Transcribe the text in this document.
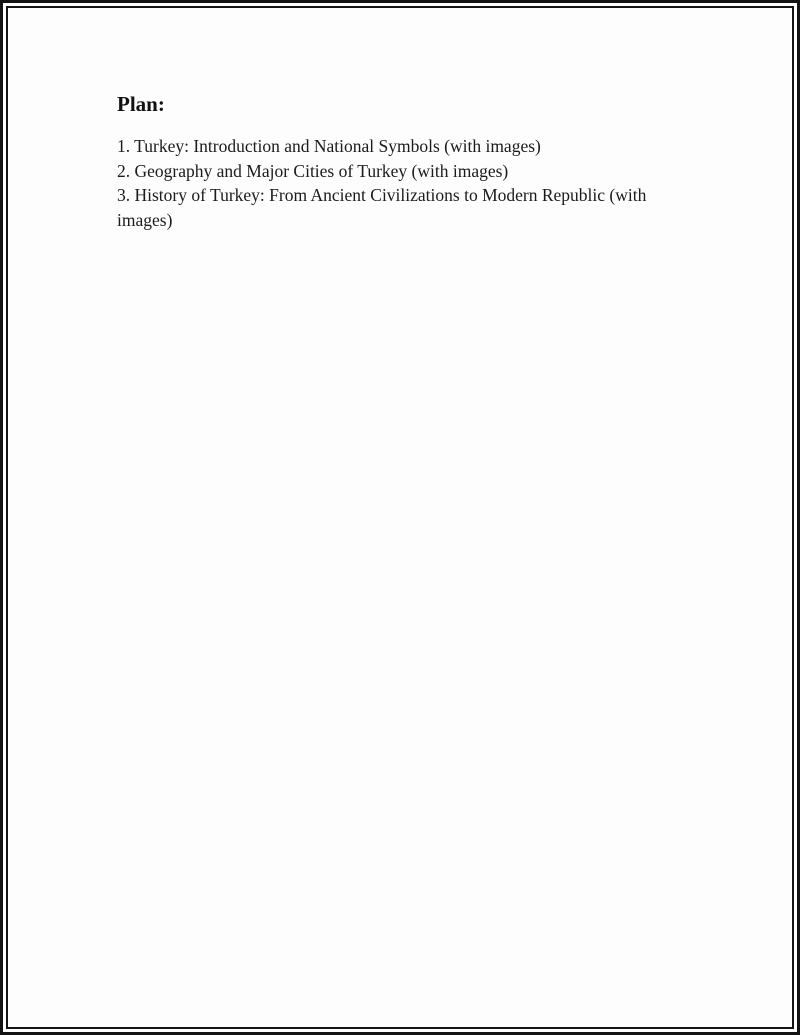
Plan:
1. Turkey: Introduction and National Symbols (with images)
2. Geography and Major Cities of Turkey (with images)
3. History of Turkey: From Ancient Civilizations to Modern Republic (with images)
